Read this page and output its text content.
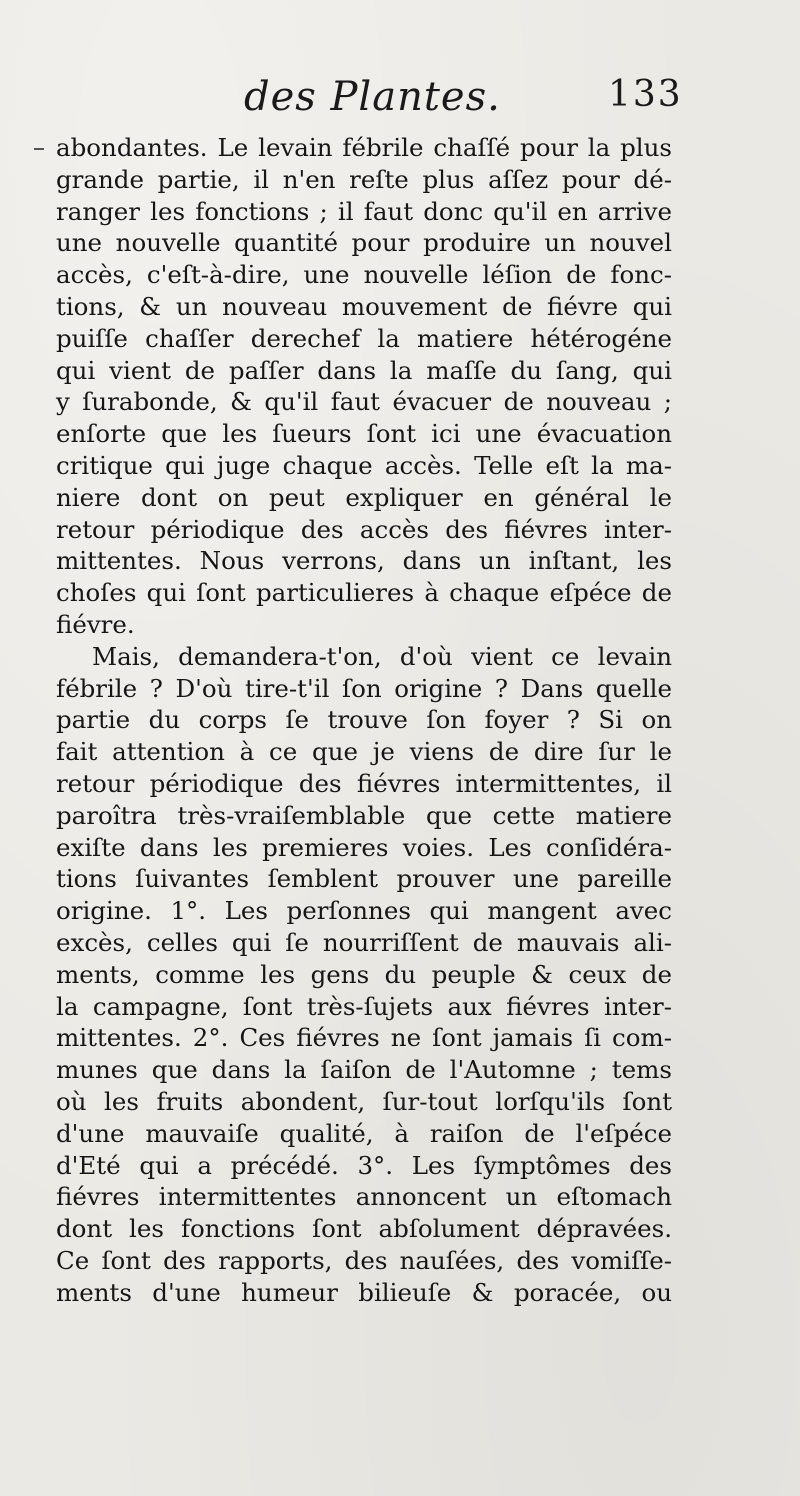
des Plantes.	133
abondantes. Le levain fébrile chaſſé pour la plus
grande partie, il n'en reſte plus aſſez pour dé-
ranger les fonctions ; il faut donc qu'il en arrive
une nouvelle quantité pour produire un nouvel
accès, c'eſt-à-dire, une nouvelle léſion de fonc-
tions, & un nouveau mouvement de fiévre qui
puiſſe chaſſer derechef la matiere hétérogéne
qui vient de paſſer dans la maſſe du ſang, qui
y ſurabonde, & qu'il faut évacuer de nouveau ;
enſorte que les ſueurs ſont ici une évacuation
critique qui juge chaque accès. Telle eſt la ma-
niere dont on peut expliquer en général le
retour périodique des accès des fiévres inter-
mittentes. Nous verrons, dans un inſtant, les
choſes qui ſont particulieres à chaque eſpéce de
fiévre.
Mais, demandera-t'on, d'où vient ce levain
fébrile ? D'où tire-t'il ſon origine ? Dans quelle
partie du corps ſe trouve ſon foyer ? Si on
fait attention à ce que je viens de dire ſur le
retour périodique des fiévres intermittentes, il
paroîtra très-vraiſemblable que cette matiere
exiſte dans les premieres voies. Les conſidéra-
tions ſuivantes ſemblent prouver une pareille
origine. 1°. Les perſonnes qui mangent avec
excès, celles qui ſe nourriſſent de mauvais ali-
ments, comme les gens du peuple & ceux de
la campagne, ſont très-ſujets aux fiévres inter-
mittentes. 2°. Ces fiévres ne ſont jamais ſi com-
munes que dans la ſaiſon de l'Automne ; tems
où les fruits abondent, ſur-tout lorſqu'ils ſont
d'une mauvaiſe qualité, à raiſon de l'eſpéce
d'Eté qui a précédé. 3°. Les ſymptômes des
fiévres intermittentes annoncent un eſtomach
dont les fonctions ſont abſolument dépravées.
Ce ſont des rapports, des nauſées, des vomiſſe-
ments d'une humeur bilieuſe & poracée, ou
